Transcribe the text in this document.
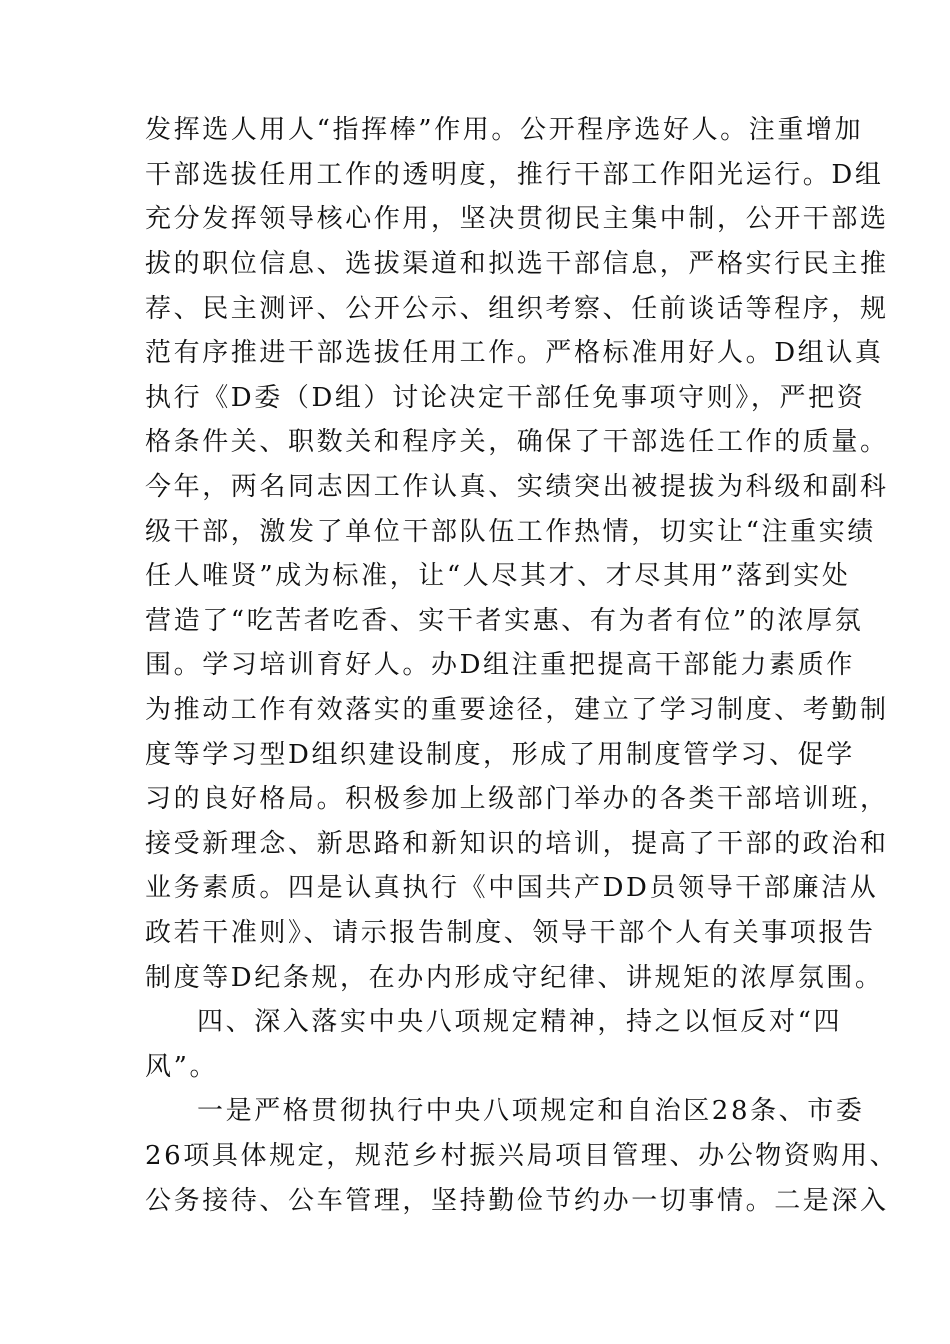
发挥选人用人“指挥棒”作用。公开程序选好人。注重增加
干部选拔任用工作的透明度，推行干部工作阳光运行。D组
充分发挥领导核心作用，坚决贯彻民主集中制，公开干部选
拔的职位信息、选拔渠道和拟选干部信息，严格实行民主推
荐、民主测评、公开公示、组织考察、任前谈话等程序，规
范有序推进干部选拔任用工作。严格标准用好人。D组认真
执行《D委（D组）讨论决定干部任免事项守则》，严把资
格条件关、职数关和程序关，确保了干部选任工作的质量。
今年，两名同志因工作认真、实绩突出被提拔为科级和副科
级干部，激发了单位干部队伍工作热情，切实让“注重实绩
任人唯贤”成为标准，让“人尽其才、才尽其用”落到实处
营造了“吃苦者吃香、实干者实惠、有为者有位”的浓厚氛
围。学习培训育好人。办D组注重把提高干部能力素质作
为推动工作有效落实的重要途径，建立了学习制度、考勤制
度等学习型D组织建设制度，形成了用制度管学习、促学
习的良好格局。积极参加上级部门举办的各类干部培训班，
接受新理念、新思路和新知识的培训，提高了干部的政治和
业务素质。四是认真执行《中国共产DD员领导干部廉洁从
政若干准则》、请示报告制度、领导干部个人有关事项报告
制度等D纪条规，在办内形成守纪律、讲规矩的浓厚氛围。
四、深入落实中央八项规定精神，持之以恒反对“四
风”。
一是严格贯彻执行中央八项规定和自治区28条、市委
26项具体规定，规范乡村振兴局项目管理、办公物资购用、
公务接待、公车管理，坚持勤俭节约办一切事情。二是深入
